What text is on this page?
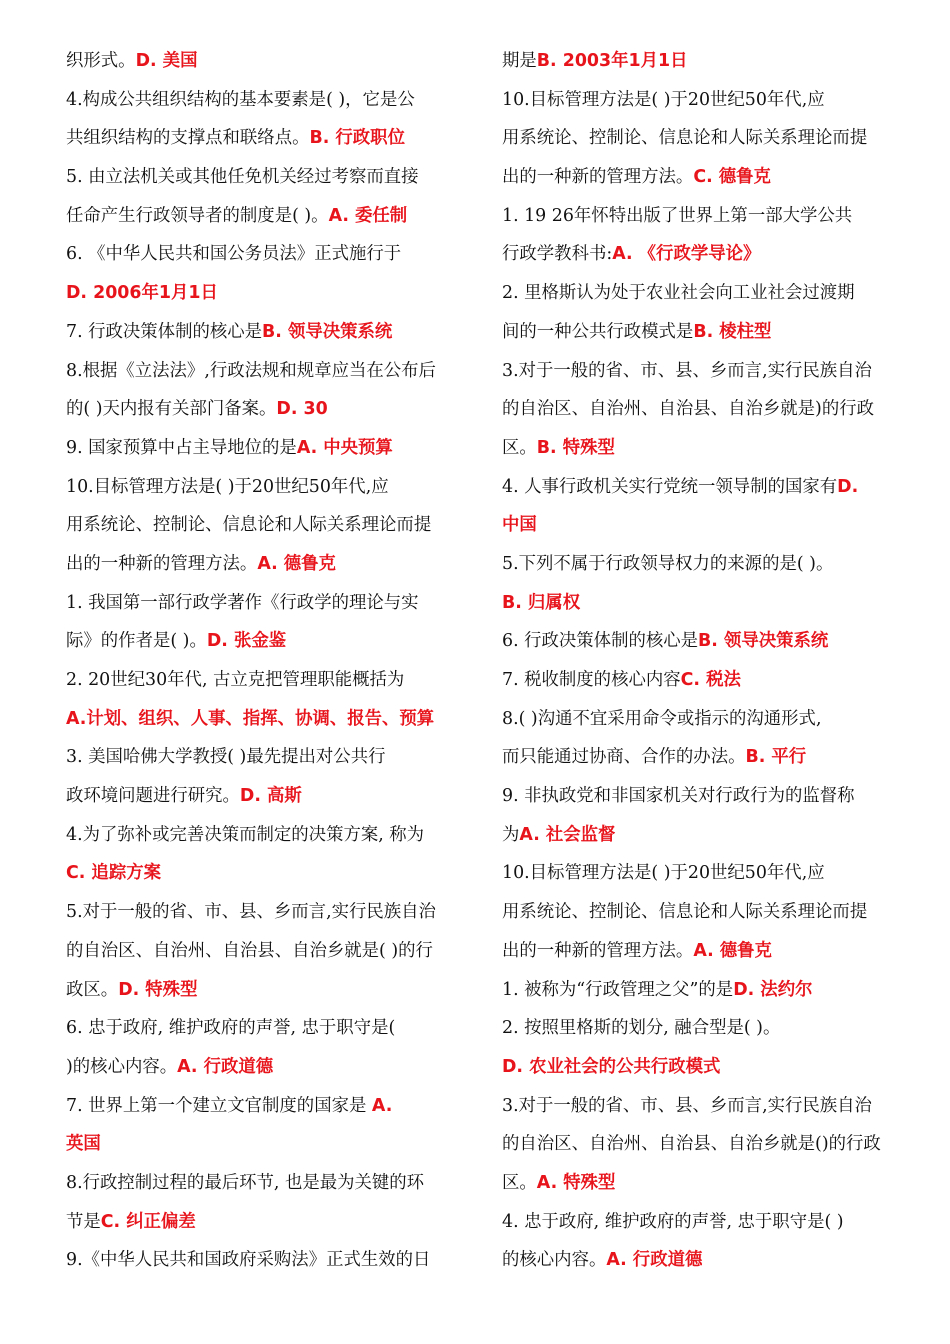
织形式。D. 美国
4.构成公共组织结构的基本要素是( )，它是公
共组织结构的支撑点和联络点。B. 行政职位
5. 由立法机关或其他任免机关经过考察而直接
任命产生行政领导者的制度是( )。A. 委任制
6. 《中华人民共和国公务员法》正式施行于
D. 2006年1月1日
7. 行政决策体制的核心是B. 领导决策系统
8.根据《立法法》,行政法规和规章应当在公布后
的( )天内报有关部门备案。D. 30
9. 国家预算中占主导地位的是A. 中央预算
10.目标管理方法是( )于20世纪50年代,应
用系统论、控制论、信息论和人际关系理论而提
出的一种新的管理方法。A. 德鲁克
1. 我国第一部行政学著作《行政学的理论与实
际》的作者是( )。D. 张金鉴
2. 20世纪30年代, 古立克把管理职能概括为
A.计划、组织、人事、指挥、协调、报告、预算
3. 美国哈佛大学教授( )最先提出对公共行
政环境问题进行研究。D. 高斯
4.为了弥补或完善决策而制定的决策方案, 称为
C. 追踪方案
5.对于一般的省、市、县、乡而言,实行民族自治
的自治区、自治州、自治县、自治乡就是( )的行
政区。D. 特殊型
6. 忠于政府, 维护政府的声誉, 忠于职守是(
)的核心内容。A. 行政道德
7. 世界上第一个建立文官制度的国家是 A.
英国
8.行政控制过程的最后环节, 也是最为关键的环
节是C. 纠正偏差
9.《中华人民共和国政府采购法》正式生效的日
期是B. 2003年1月1日
10.目标管理方法是( )于20世纪50年代,应
用系统论、控制论、信息论和人际关系理论而提
出的一种新的管理方法。C. 德鲁克
1. 19 26年怀特出版了世界上第一部大学公共
行政学教科书:A. 《行政学导论》
2. 里格斯认为处于农业社会向工业社会过渡期
间的一种公共行政模式是B. 棱柱型
3.对于一般的省、市、县、乡而言,实行民族自治
的自治区、自治州、自治县、自治乡就是)的行政
区。B. 特殊型
4. 人事行政机关实行党统一领导制的国家有D.
中国
5.下列不属于行政领导权力的来源的是( )。
B. 归属权
6. 行政决策体制的核心是B. 领导决策系统
7. 税收制度的核心内容C. 税法
8.( )沟通不宜采用命令或指示的沟通形式,
而只能通过协商、合作的办法。B. 平行
9. 非执政党和非国家机关对行政行为的监督称
为A. 社会监督
10.目标管理方法是( )于20世纪50年代,应
用系统论、控制论、信息论和人际关系理论而提
出的一种新的管理方法。A. 德鲁克
1. 被称为“行政管理之父”的是D. 法约尔
2. 按照里格斯的划分, 融合型是( )。
D. 农业社会的公共行政模式
3.对于一般的省、市、县、乡而言,实行民族自治
的自治区、自治州、自治县、自治乡就是()的行政
区。A. 特殊型
4. 忠于政府, 维护政府的声誉, 忠于职守是( )
的核心内容。A. 行政道德
